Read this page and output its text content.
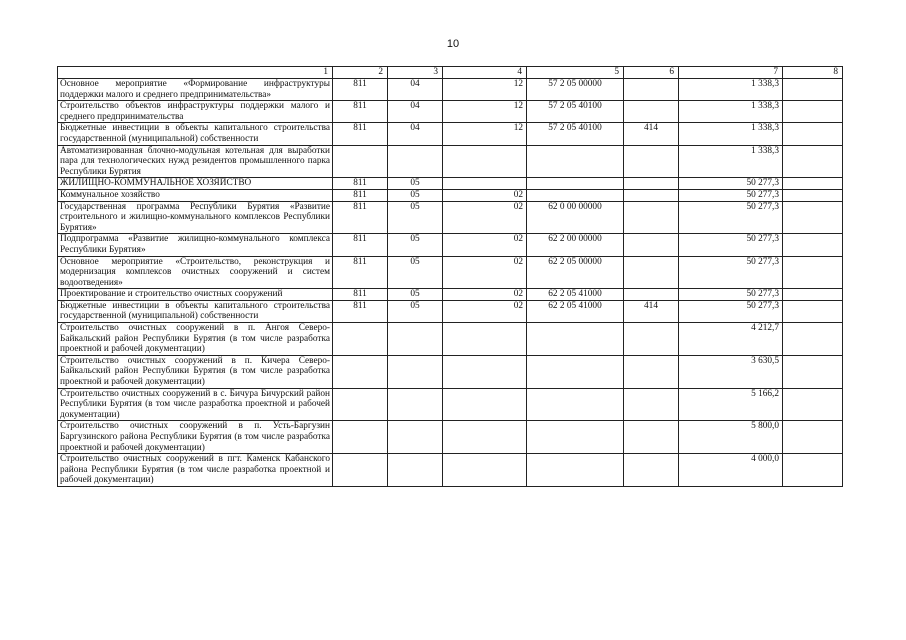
10
1	2	3	4	5	6	7	8
Основное мероприятие «Формирование инфраструктуры поддержки малого и среднего предпринимательства»	811	04	12	57 2 05 00000		1 338,3	
Строительство объектов инфраструктуры поддержки малого и среднего предпринимательства	811	04	12	57 2 05 40100		1 338,3	
Бюджетные инвестиции в объекты капитального строительства государственной (муниципальной) собственности	811	04	12	57 2 05 40100	414	1 338,3	
Автоматизированная блочно-модульная котельная для выработки пара для технологических нужд резидентов промышленного парка Республики Бурятия						1 338,3	
ЖИЛИЩНО-КОММУНАЛЬНОЕ ХОЗЯЙСТВО	811	05				50 277,3	
Коммунальное хозяйство	811	05	02			50 277,3	
Государственная программа Республики Бурятия «Развитие строительного и жилищно-коммунального комплексов Республики Бурятия»	811	05	02	62 0 00 00000		50 277,3	
Подпрограмма «Развитие жилищно-коммунального комплекса Республики Бурятия»	811	05	02	62 2 00 00000		50 277,3	
Основное мероприятие «Строительство, реконструкция и модернизация комплексов очистных сооружений и систем водоотведения»	811	05	02	62 2 05 00000		50 277,3	
Проектирование и строительство очистных сооружений	811	05	02	62 2 05 41000		50 277,3	
Бюджетные инвестиции в объекты капитального строительства государственной (муниципальной) собственности	811	05	02	62 2 05 41000	414	50 277,3	
Строительство очистных сооружений в п. Ангоя Северо-Байкальский район Республики Бурятия (в том числе разработка проектной и рабочей документации)						4 212,7	
Строительство очистных сооружений в п. Кичера Северо-Байкальский район Республики Бурятия (в том числе разработка проектной и рабочей документации)						3 630,5	
Строительство очистных сооружений в с. Бичура Бичурский район Республики Бурятия (в том числе разработка проектной и рабочей документации)						5 166,2	
Строительство очистных сооружений в п. Усть-Баргузин Баргузинского района Республики Бурятия (в том числе разработка проектной и рабочей документации)						5 800,0	
Строительство очистных сооружений в пгт. Каменск Кабанского района Республики Бурятия (в том числе разработка проектной и рабочей документации)						4 000,0	
